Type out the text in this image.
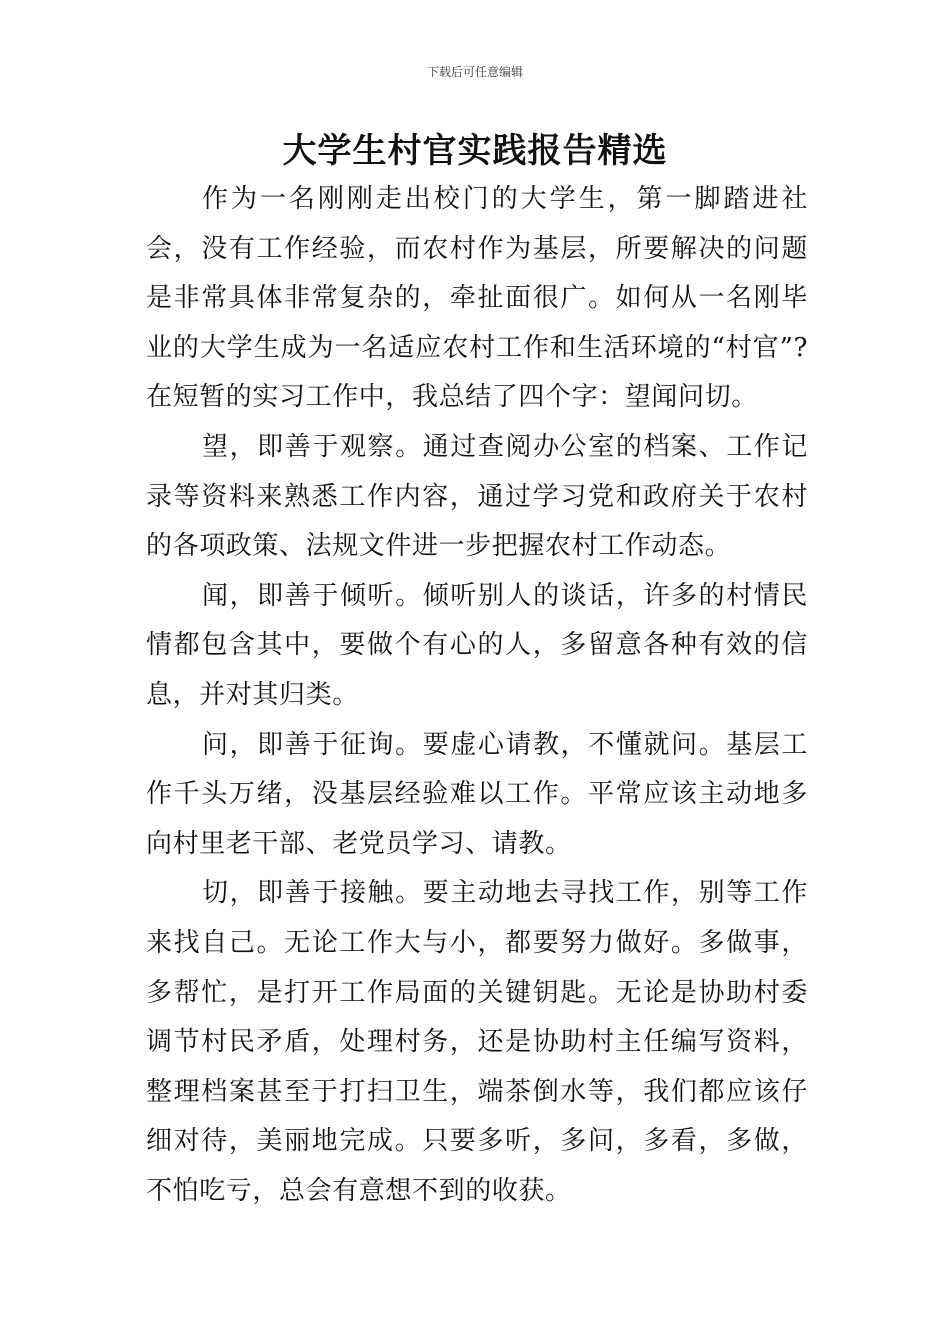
下载后可任意编辑
大学生村官实践报告精选

作为一名刚刚走出校门的大学生，第一脚踏进社会，没有工作经验，而农村作为基层，所要解决的问题是非常具体非常复杂的，牵扯面很广。如何从一名刚毕业的大学生成为一名适应农村工作和生活环境的“村官”?在短暂的实习工作中，我总结了四个字：望闻问切。

望，即善于观察。通过查阅办公室的档案、工作记录等资料来熟悉工作内容，通过学习党和政府关于农村的各项政策、法规文件进一步把握农村工作动态。

闻，即善于倾听。倾听别人的谈话，许多的村情民情都包含其中，要做个有心的人，多留意各种有效的信息，并对其归类。

问，即善于征询。要虚心请教，不懂就问。基层工作千头万绪，没基层经验难以工作。平常应该主动地多向村里老干部、老党员学习、请教。

切，即善于接触。要主动地去寻找工作，别等工作来找自己。无论工作大与小，都要努力做好。多做事，多帮忙，是打开工作局面的关键钥匙。无论是协助村委调节村民矛盾，处理村务，还是协助村主任编写资料，整理档案甚至于打扫卫生，端茶倒水等，我们都应该仔细对待，美丽地完成。只要多听，多问，多看，多做，不怕吃亏，总会有意想不到的收获。
